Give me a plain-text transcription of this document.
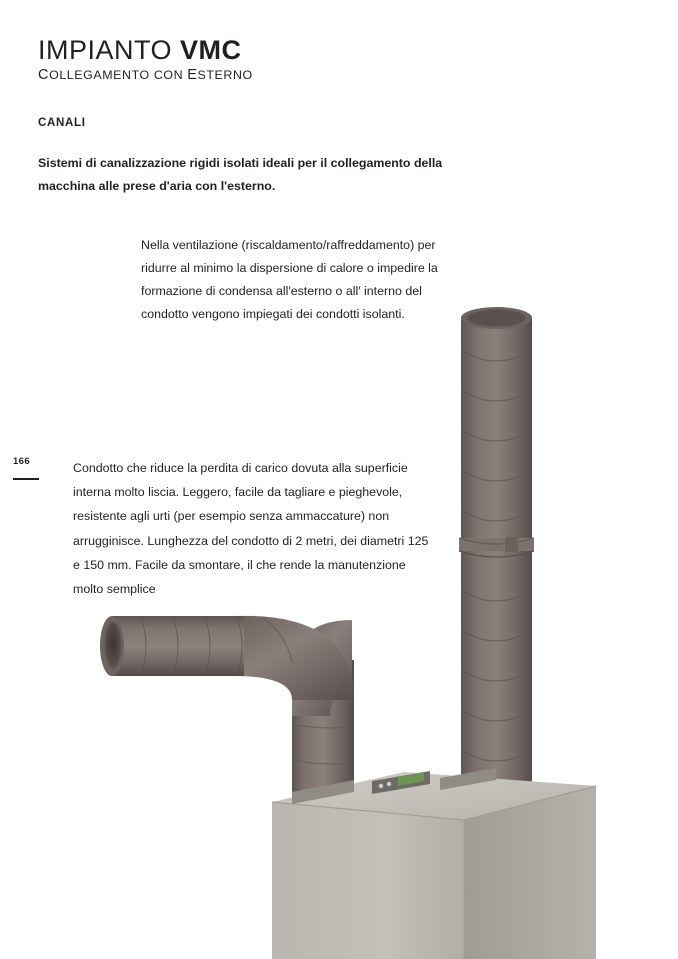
IMPIANTO VMC
COLLEGAMENTO CON ESTERNO
CANALI
Sistemi di canalizzazione rigidi isolati ideali per il collegamento della macchina alle prese d'aria con l'esterno.
Nella ventilazione (riscaldamento/raffreddamento) per ridurre al minimo la dispersione di calore o impedire la formazione di condensa all′esterno o all′ interno del condotto vengono impiegati dei condotti isolanti.
166	Condotto che riduce la perdita di carico dovuta alla superficie interna molto liscia. Leggero, facile da tagliare e pieghevole, resistente agli urti (per esempio senza ammaccature) non arrugginisce. Lunghezza del condotto di 2 metri, dei diametri 125 e 150 mm. Facile da smontare, il che rende la manutenzione molto semplice
